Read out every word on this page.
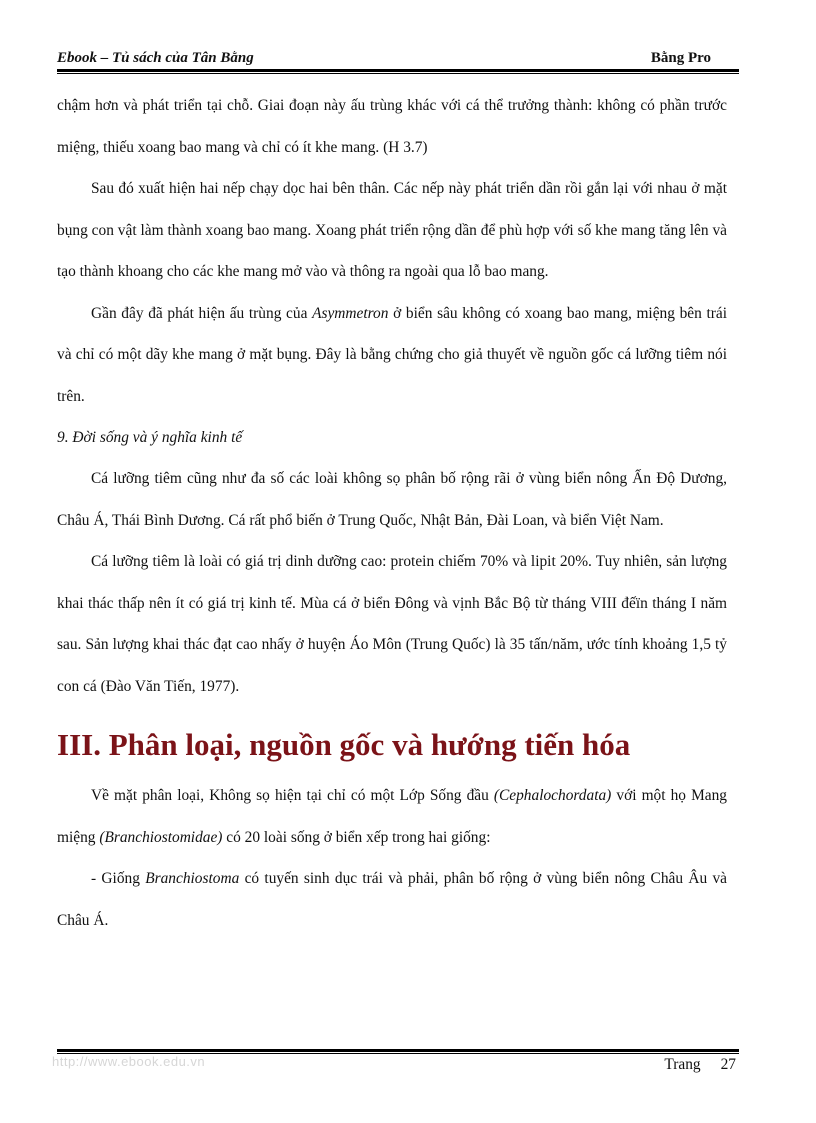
Ebook – Tủ sách của Tân Bằng	Bằng Pro

chậm hơn và phát triển tại chỗ. Giai đoạn này ấu trùng khác với cá thể trưởng thành: không có phần trước miệng, thiếu xoang bao mang và chỉ có ít khe mang. (H 3.7)

Sau đó xuất hiện hai nếp chạy dọc hai bên thân. Các nếp này phát triển dần rồi gắn lại với nhau ở mặt bụng con vật làm thành xoang bao mang. Xoang phát triển rộng dần để phù hợp với số khe mang tăng lên và tạo thành khoang cho các khe mang mở vào và thông ra ngoài qua lỗ bao mang.

Gần đây đã phát hiện ấu trùng của Asymmetron ở biển sâu không có xoang bao mang, miệng bên trái và chỉ có một dãy khe mang ở mặt bụng. Đây là bằng chứng cho giả thuyết về nguồn gốc cá lưỡng tiêm nói trên.

9. Đời sống và ý nghĩa kinh tế

Cá lưỡng tiêm cũng như đa số các loài không sọ phân bố rộng rãi ở vùng biển nông Ấn Độ Dương, Châu Á, Thái Bình Dương. Cá rất phổ biến ở Trung Quốc, Nhật Bản, Đài Loan, và biển Việt Nam.

Cá lưỡng tiêm là loài có giá trị dinh dưỡng cao: protein chiếm 70% và lipit 20%. Tuy nhiên, sản lượng khai thác thấp nên ít có giá trị kinh tế. Mùa cá ở biển Đông và vịnh Bắc Bộ từ tháng VIII đếïn tháng I năm sau. Sản lượng khai thác đạt cao nhấy ở huyện Áo Môn (Trung Quốc) là 35 tấn/năm, ước tính khoảng 1,5 tỷ con cá (Đào Văn Tiến, 1977).

III. Phân loại, nguồn gốc và hướng tiến hóa

Về mặt phân loại, Không sọ hiện tại chỉ có một Lớp Sống đầu (Cephalochordata) với một họ Mang miệng (Branchiostomidae) có 20 loài sống ở biển xếp trong hai giống:

- Giống Branchiostoma có tuyến sinh dục trái và phải, phân bố rộng ở vùng biển nông Châu Âu và Châu Á.

http://www.ebook.edu.vn	Trang 27
